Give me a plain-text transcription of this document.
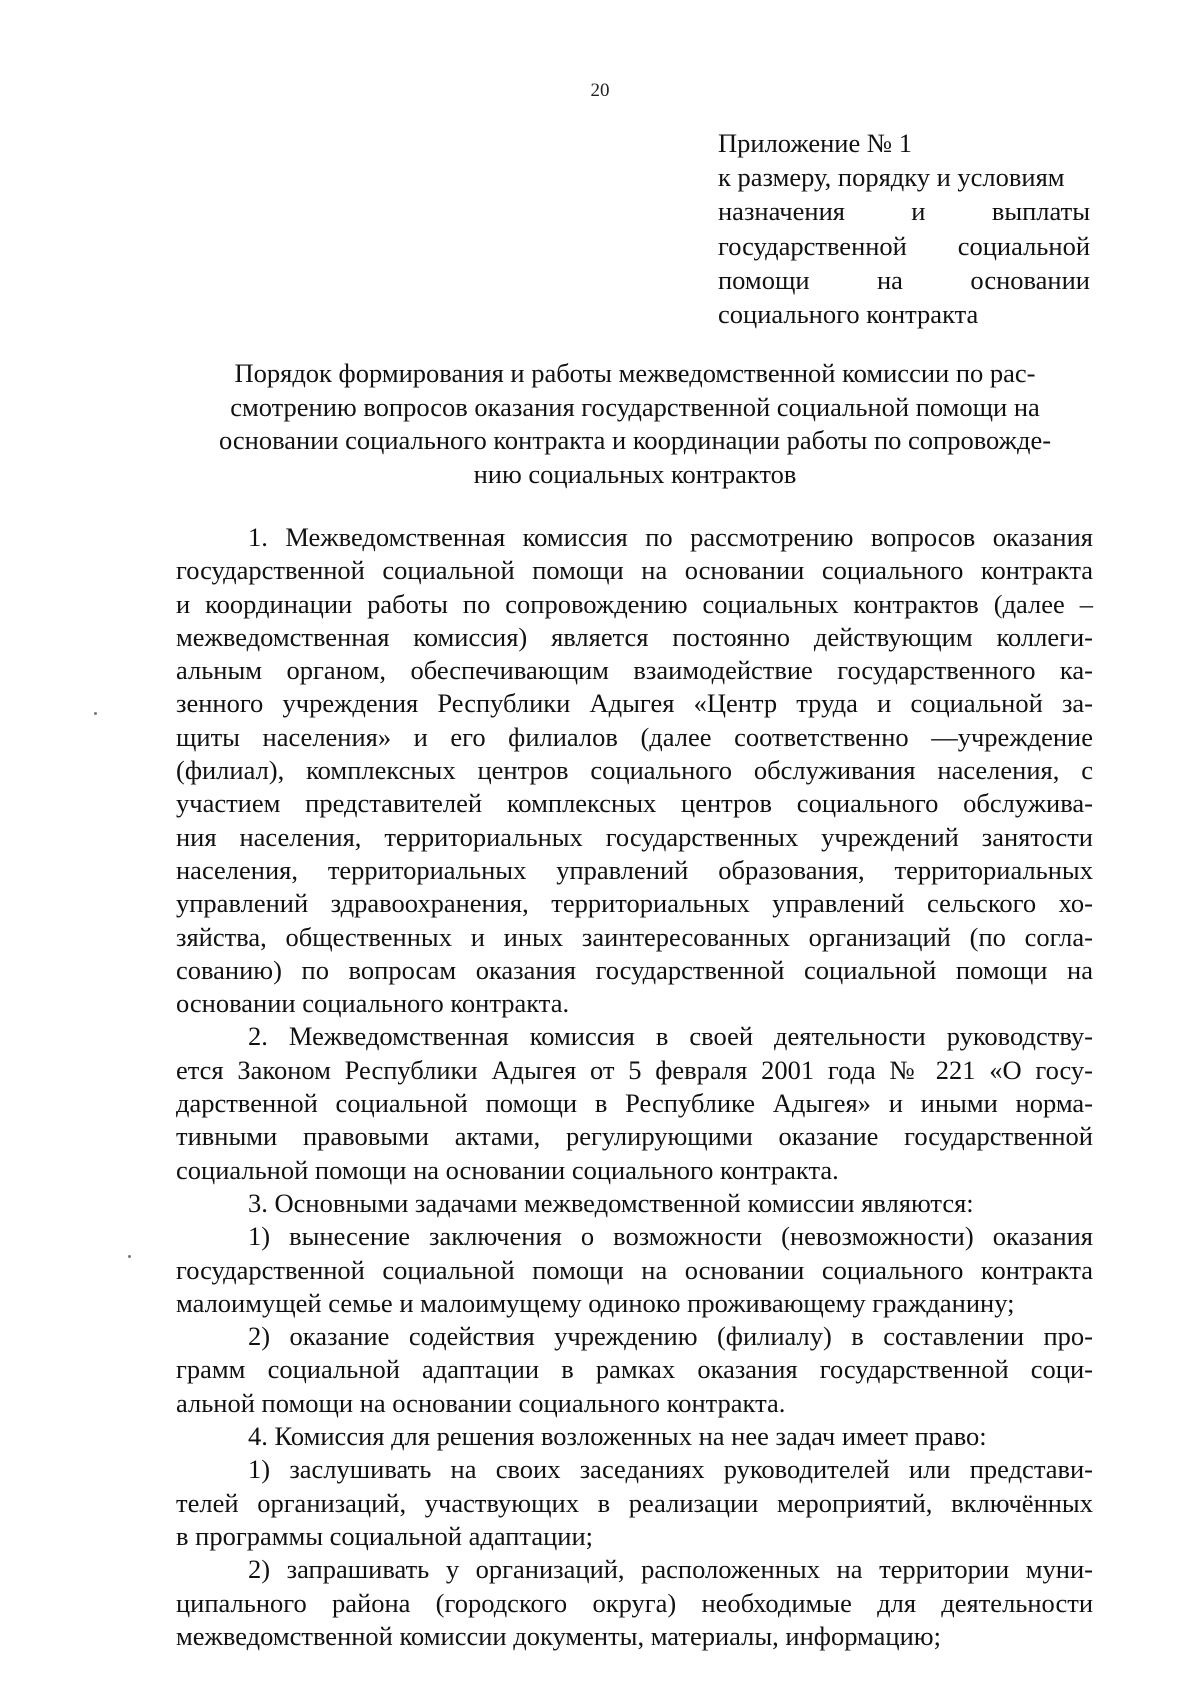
20
Приложение № 1
к размеру, порядку и условиям
назначения	и	выплаты
государственной социальной
помощи	на	основании
социального контракта
Порядок формирования и работы межведомственной комиссии по рас-
смотрению вопросов оказания государственной социальной помощи на
основании социального контракта и координации работы по сопровожде-
нию социальных контрактов
1. Межведомственная комиссия по рассмотрению вопросов оказания
государственной социальной помощи на основании социального контракта
и координации работы по сопровождению социальных контрактов (далее –
межведомственная комиссия) является постоянно действующим коллеги-
альным органом, обеспечивающим взаимодействие государственного ка-
зенного учреждения Республики Адыгея «Центр труда и социальной за-
щиты населения» и его филиалов (далее соответственно —учреждение
(филиал), комплексных центров социального обслуживания населения, с
участием представителей комплексных центров социального обслужива-
ния населения, территориальных государственных учреждений занятости
населения, территориальных управлений образования, территориальных
управлений здравоохранения, территориальных управлений сельского хо-
зяйства, общественных и иных заинтересованных организаций (по согла-
сованию) по вопросам оказания государственной социальной помощи на
основании социального контракта.
2. Межведомственная комиссия в своей деятельности руководству-
ется Законом Республики Адыгея от 5 февраля 2001 года № 221 «О госу-
дарственной социальной помощи в Республике Адыгея» и иными норма-
тивными правовыми актами, регулирующими оказание государственной
социальной помощи на основании социального контракта.
3. Основными задачами межведомственной комиссии являются:
1) вынесение заключения о возможности (невозможности) оказания
государственной социальной помощи на основании социального контракта
малоимущей семье и малоимущему одиноко проживающему гражданину;
2) оказание содействия учреждению (филиалу) в составлении про-
грамм социальной адаптации в рамках оказания государственной соци-
альной помощи на основании социального контракта.
4. Комиссия для решения возложенных на нее задач имеет право:
1) заслушивать на своих заседаниях руководителей или представи-
телей организаций, участвующих в реализации мероприятий, включённых
в программы социальной адаптации;
2) запрашивать у организаций, расположенных на территории муни-
ципального района (городского округа) необходимые для деятельности
межведомственной комиссии документы, материалы, информацию;
